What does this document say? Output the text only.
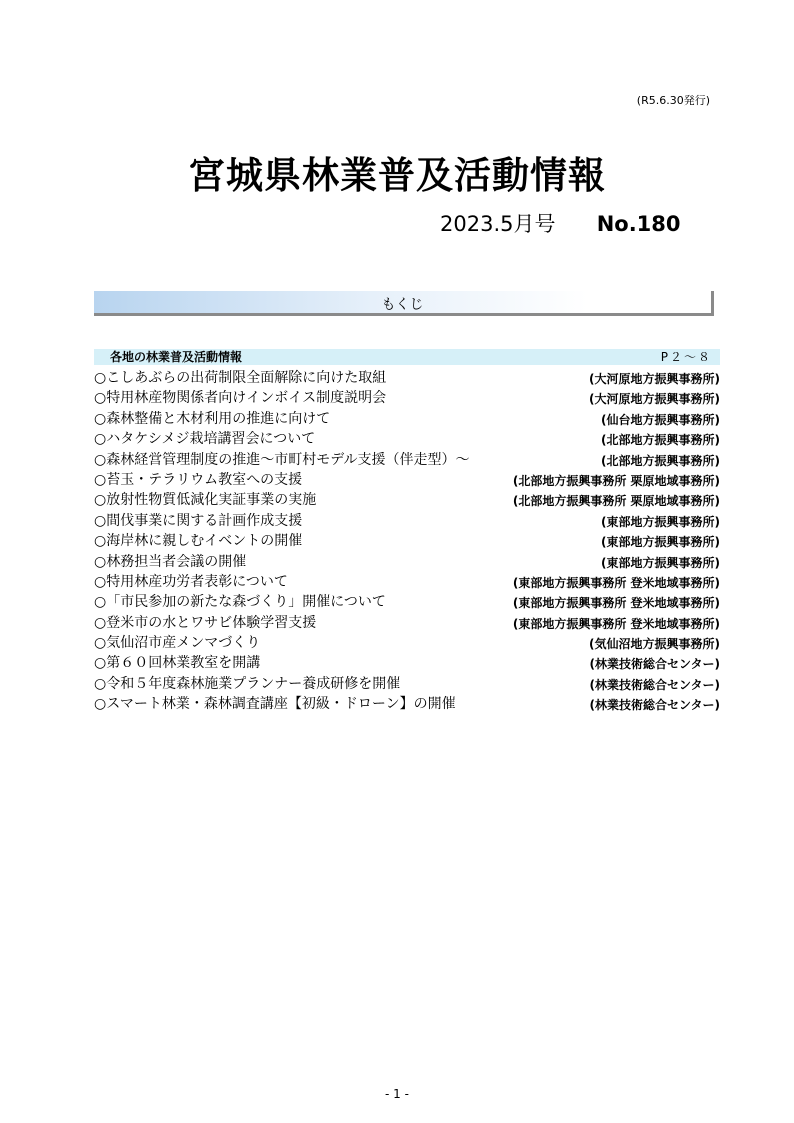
(R5.6.30発行)
宮城県林業普及活動情報
2023.5月号 No.180
もくじ
各地の林業普及活動情報	P２～８
○こしあぶらの出荷制限全面解除に向けた取組	(大河原地方振興事務所)
○特用林産物関係者向けインボイス制度説明会	(大河原地方振興事務所)
○森林整備と木材利用の推進に向けて	(仙台地方振興事務所)
○ハタケシメジ栽培講習会について	(北部地方振興事務所)
○森林経営管理制度の推進～市町村モデル支援（伴走型）～	(北部地方振興事務所)
○苔玉・テラリウム教室への支援	(北部地方振興事務所 栗原地域事務所)
○放射性物質低減化実証事業の実施	(北部地方振興事務所 栗原地域事務所)
○間伐事業に関する計画作成支援	(東部地方振興事務所)
○海岸林に親しむイベントの開催	(東部地方振興事務所)
○林務担当者会議の開催	(東部地方振興事務所)
○特用林産功労者表彰について	(東部地方振興事務所 登米地域事務所)
○「市民参加の新たな森づくり」開催について	(東部地方振興事務所 登米地域事務所)
○登米市の水とワサビ体験学習支援	(東部地方振興事務所 登米地域事務所)
○気仙沼市産メンマづくり	(気仙沼地方振興事務所)
○第６０回林業教室を開講	(林業技術総合センター)
○令和５年度森林施業プランナー養成研修を開催	(林業技術総合センター)
○スマート林業・森林調査講座【初級・ドローン】の開催	(林業技術総合センター)
- 1 -
